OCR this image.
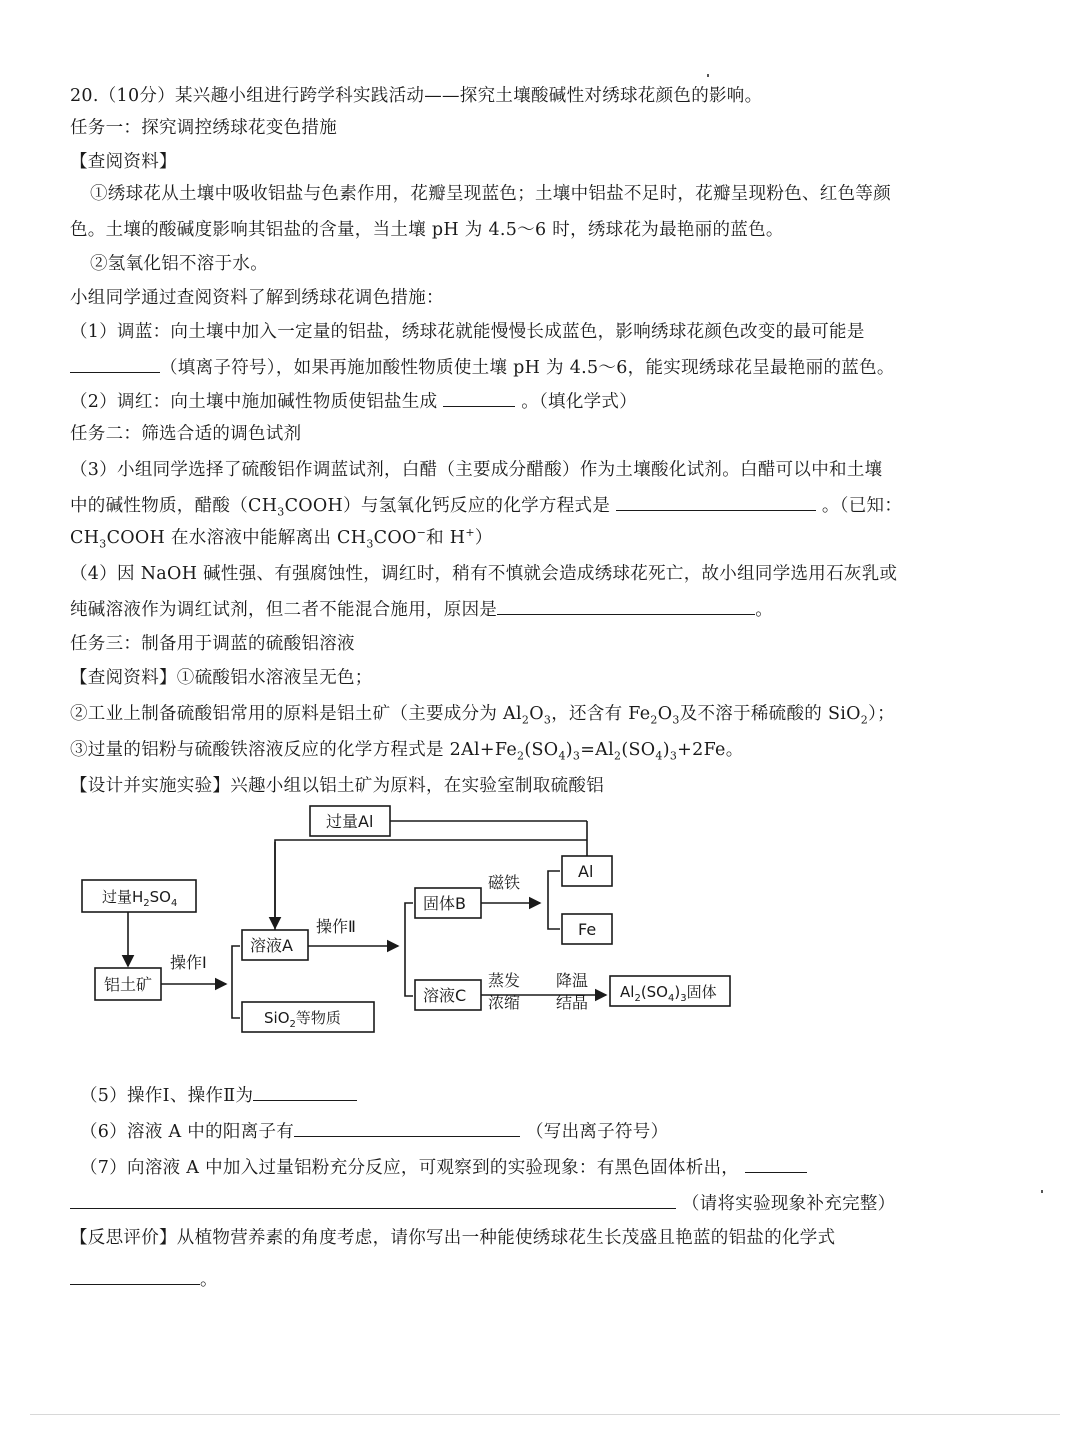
20.（10分）某兴趣小组进行跨学科实践活动——探究土壤酸碱性对绣球花颜色的影响。
任务一：探究调控绣球花变色措施
【查阅资料】
①绣球花从土壤中吸收铝盐与色素作用，花瓣呈现蓝色；土壤中铝盐不足时，花瓣呈现粉色、红色等颜
色。土壤的酸碱度影响其铝盐的含量，当土壤 pH 为 4.5～6 时，绣球花为最艳丽的蓝色。
②氢氧化铝不溶于水。
小组同学通过查阅资料了解到绣球花调色措施：
（1）调蓝：向土壤中加入一定量的铝盐，绣球花就能慢慢长成蓝色，影响绣球花颜色改变的最可能是
（填离子符号），如果再施加酸性物质使土壤 pH 为 4.5～6，能实现绣球花呈最艳丽的蓝色。
（2）调红：向土壤中施加碱性物质使铝盐生成	。（填化学式）
任务二：筛选合适的调色试剂
（3）小组同学选择了硫酸铝作调蓝试剂，白醋（主要成分醋酸）作为土壤酸化试剂。白醋可以中和土壤
中的碱性物质，醋酸$(CH_3COOH)$与氢氧化钙反应的化学方程式是	。（已知：
$CH_3COOH$ 在水溶液中能解离出 $CH_3COO^-$和 H+）
（4）因 NaOH 碱性强、有强腐蚀性，调红时，稍有不慎就会造成绣球花死亡，故小组同学选用石灰乳或
纯碱溶液作为调红试剂，但二者不能混合施用，原因是	。
任务三：制备用于调蓝的硫酸铝溶液
【查阅资料】①硫酸铝水溶液呈无色；
②工业上制备硫酸铝常用的原料是铝土矿（主要成分为 $Al_2O_3$，还含有 $Fe_2O_3$及不溶于稀硫酸的 SiO$_2$）；
③过量的铝粉与硫酸铁溶液反应的化学方程式是 $2Al+Fe_2(SO_4)_3=Al_2(SO_4)_3+2Fe$。
【设计并实施实验】兴趣小组以铝土矿为原料，在实验室制取硫酸铝
过量Al
过量$H_2SO_4$
铝土矿
溶液A
SiO$_2$等物质
固体B
Al
Fe
溶液C	$Al_2(SO_4)_3$固体
操作Ⅰ
操作Ⅱ
磁铁
蒸发
浓缩
降温
结晶
（5）操作Ⅰ、操作Ⅱ为
（6）溶液 A 中的阳离子有	（写出离子符号）
（7）向溶液 A 中加入过量铝粉充分反应，可观察到的实验现象：有黑色固体析出，
（请将实验现象补充完整）
【反思评价】从植物营养素的角度考虑，请你写出一种能使绣球花生长茂盛且艳蓝的铝盐的化学式
。
